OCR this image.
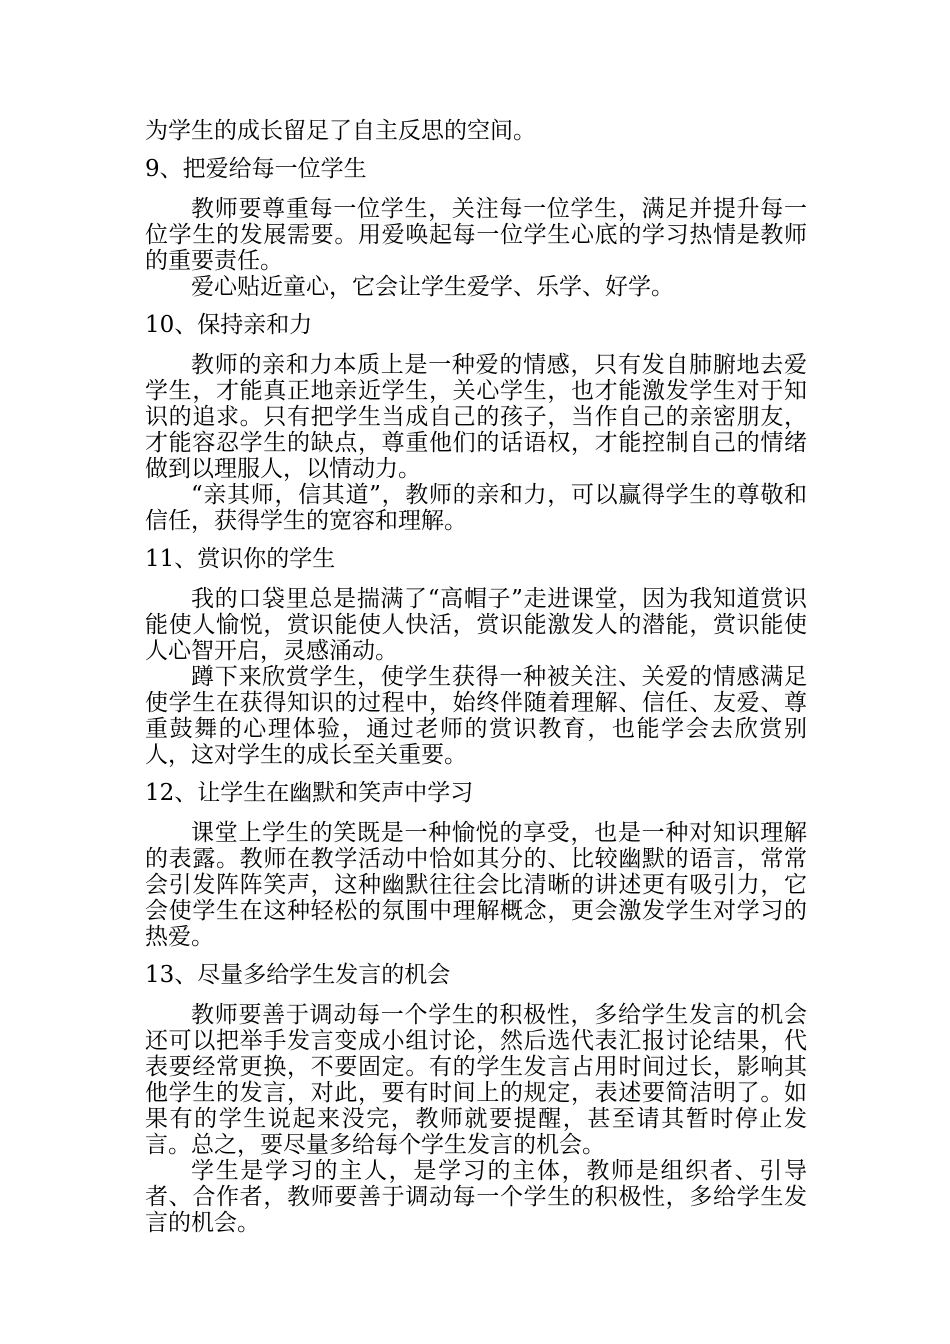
为学生的成长留足了自主反思的空间。

9、把爱给每一位学生

教师要尊重每一位学生，关注每一位学生，满足并提升每一位学生的发展需要。用爱唤起每一位学生心底的学习热情是教师的重要责任。

爱心贴近童心，它会让学生爱学、乐学、好学。

10、保持亲和力

教师的亲和力本质上是一种爱的情感，只有发自肺腑地去爱学生，才能真正地亲近学生，关心学生，也才能激发学生对于知识的追求。只有把学生当成自己的孩子，当作自己的亲密朋友，才能容忍学生的缺点，尊重他们的话语权，才能控制自己的情绪做到以理服人，以情动力。

“亲其师，信其道”，教师的亲和力，可以赢得学生的尊敬和信任，获得学生的宽容和理解。

11、赏识你的学生

我的口袋里总是揣满了“高帽子”走进课堂，因为我知道赏识能使人愉悦，赏识能使人快活，赏识能激发人的潜能，赏识能使人心智开启，灵感涌动。

蹲下来欣赏学生，使学生获得一种被关注、关爱的情感满足使学生在获得知识的过程中，始终伴随着理解、信任、友爱、尊重鼓舞的心理体验，通过老师的赏识教育，也能学会去欣赏别人，这对学生的成长至关重要。

12、让学生在幽默和笑声中学习

课堂上学生的笑既是一种愉悦的享受，也是一种对知识理解的表露。教师在教学活动中恰如其分的、比较幽默的语言，常常会引发阵阵笑声，这种幽默往往会比清晰的讲述更有吸引力，它会使学生在这种轻松的氛围中理解概念，更会激发学生对学习的热爱。

13、尽量多给学生发言的机会

教师要善于调动每一个学生的积极性，多给学生发言的机会还可以把举手发言变成小组讨论，然后选代表汇报讨论结果，代表要经常更换，不要固定。有的学生发言占用时间过长，影响其他学生的发言，对此，要有时间上的规定，表述要简洁明了。如果有的学生说起来没完，教师就要提醒，甚至请其暂时停止发言。总之，要尽量多给每个学生发言的机会。

学生是学习的主人，是学习的主体，教师是组织者、引导者、合作者，教师要善于调动每一个学生的积极性，多给学生发言的机会。
